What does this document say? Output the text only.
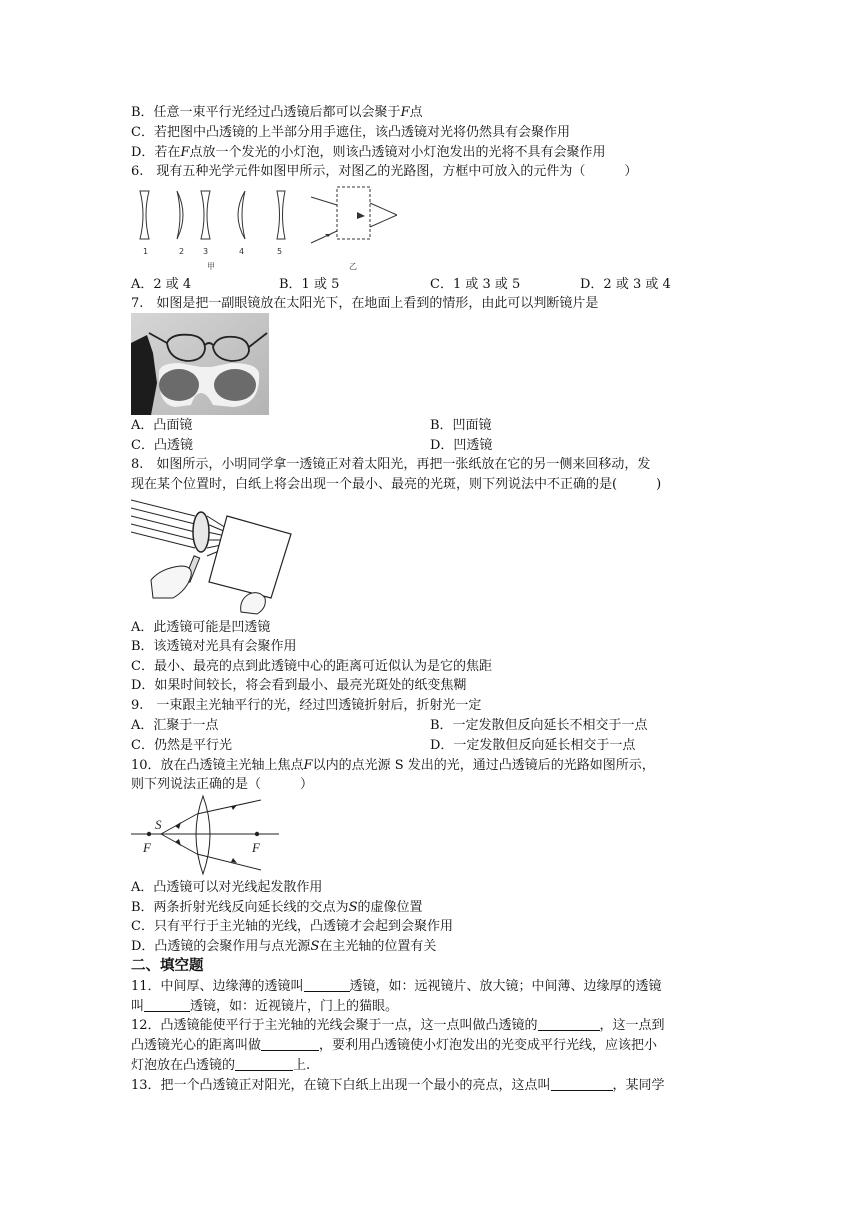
B．任意一束平行光经过凸透镜后都可以会聚于F点
C．若把图中凸透镜的上半部分用手遮住，该凸透镜对光将仍然具有会聚作用
D．若在F点放一个发光的小灯泡，则该凸透镜对小灯泡发出的光将不具有会聚作用
6.　现有五种光学元件如图甲所示，对图乙的光路图，方框中可放入的元件为（　　　）
1	2 3	4	5
甲	乙
A．2 或 4	B．1 或 5	C．1 或 3 或 5	D．2 或 3 或 4
7.　如图是把一副眼镜放在太阳光下，在地面上看到的情形，由此可以判断镜片是
A．凸面镜	B．凹面镜
C．凸透镜	D．凹透镜
8.　如图所示，小明同学拿一透镜正对着太阳光，再把一张纸放在它的另一侧来回移动，发
现在某个位置时，白纸上将会出现一个最小、最亮的光斑，则下列说法中不正确的是(　　　)
A．此透镜可能是凹透镜
B．该透镜对光具有会聚作用
C．最小、最亮的点到此透镜中心的距离可近似认为是它的焦距
D．如果时间较长，将会看到最小、最亮光斑处的纸变焦糊
9.　一束跟主光轴平行的光，经过凹透镜折射后，折射光一定
A．汇聚于一点	B．一定发散但反向延长不相交于一点
C．仍然是平行光	D．一定发散但反向延长相交于一点
10．放在凸透镜主光轴上焦点F以内的点光源 S 发出的光，通过凸透镜后的光路如图所示，
则下列说法正确的是（　　　）
S
F	F
A．凸透镜可以对光线起发散作用
B．两条折射光线反向延长线的交点为S的虚像位置
C．只有平行于主光轴的光线，凸透镜才会起到会聚作用
D．凸透镜的会聚作用与点光源S在主光轴的位置有关
二、填空题
11．中间厚、边缘薄的透镜叫	透镜，如：远视镜片、放大镜；中间薄、边缘厚的透镜
叫	透镜，如：近视镜片，门上的猫眼。
12．凸透镜能使平行于主光轴的光线会聚于一点，这一点叫做凸透镜的	，这一点到
凸透镜光心的距离叫做	，要利用凸透镜使小灯泡发出的光变成平行光线，应该把小
灯泡放在凸透镜的	上.
13．把一个凸透镜正对阳光，在镜下白纸上出现一个最小的亮点，这点叫	，某同学
